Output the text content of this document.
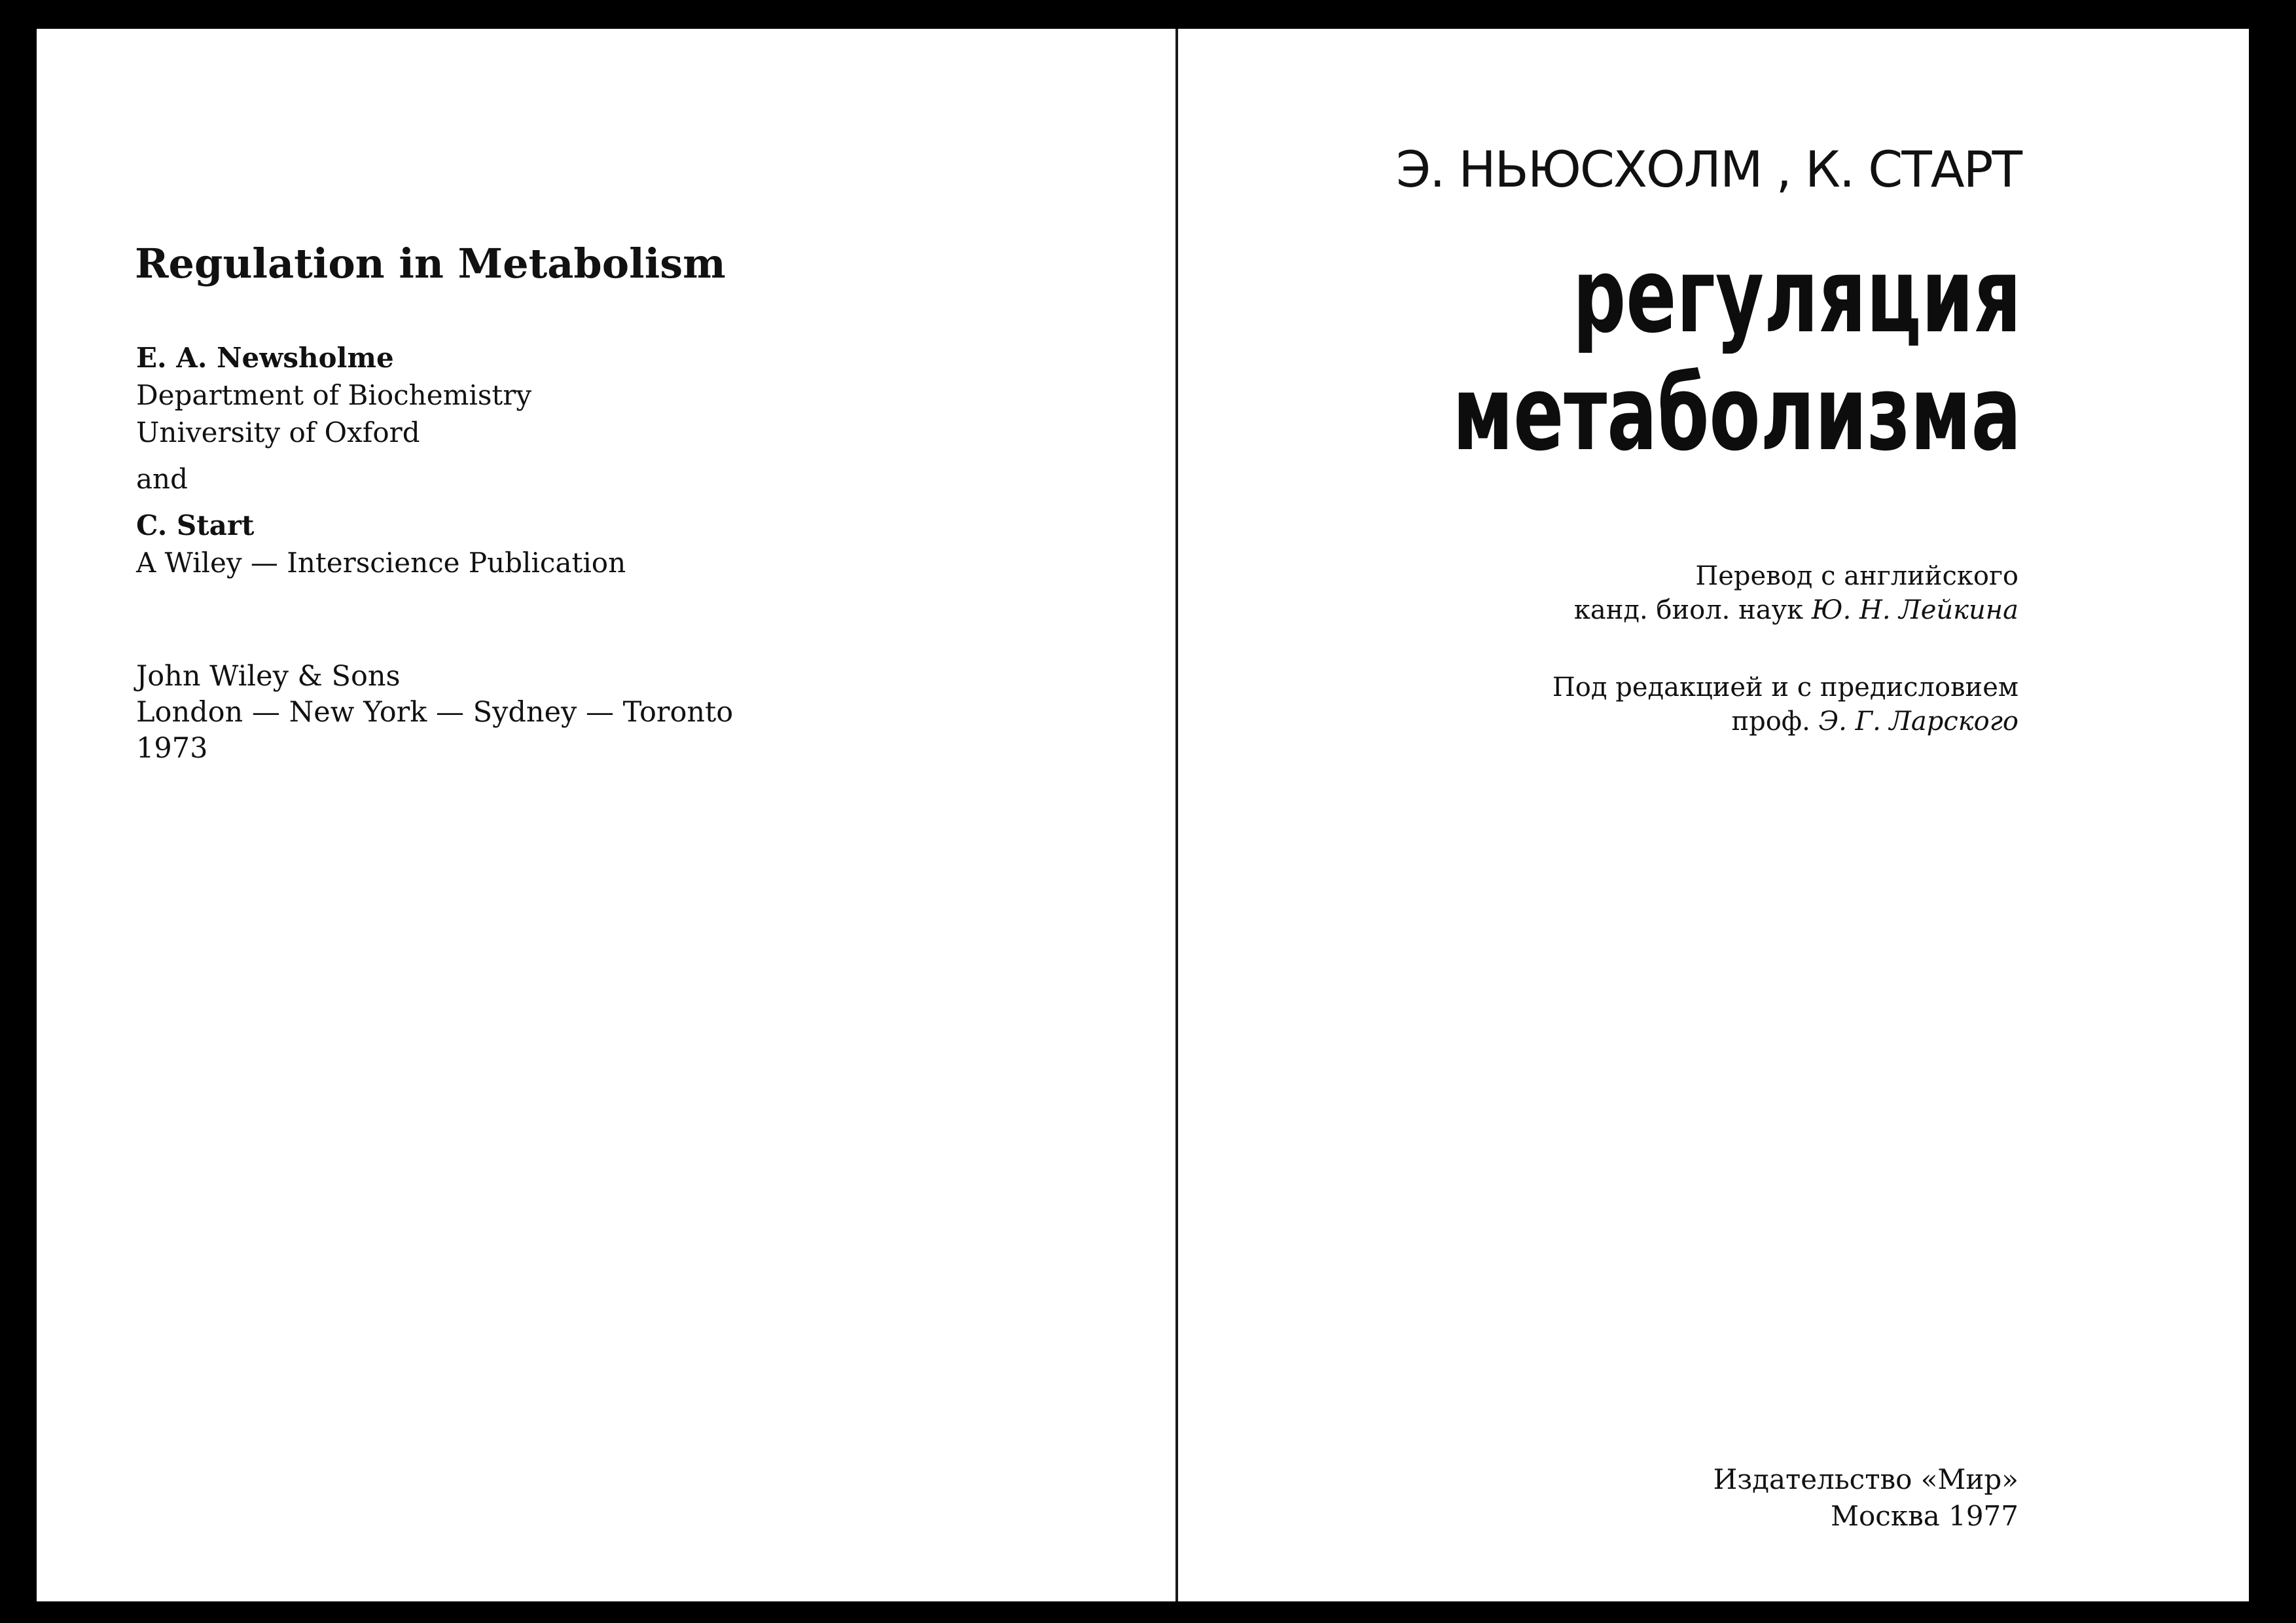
Regulation in Metabolism
E. A. Newsholme
Department of Biochemistry
University of Oxford
and
C. Start
A Wiley — Interscience Publication
John Wiley & Sons
London — New York — Sydney — Toronto
1973
Э. НЬЮСХОЛМ , К. СТАРТ
регуляция
метаболизма
Перевод с английского
канд. биол. наук Ю. Н. Лейкина
Под редакцией и с предисловием
проф. Э. Г. Ларского
Издательство «Мир»
Москва 1977
